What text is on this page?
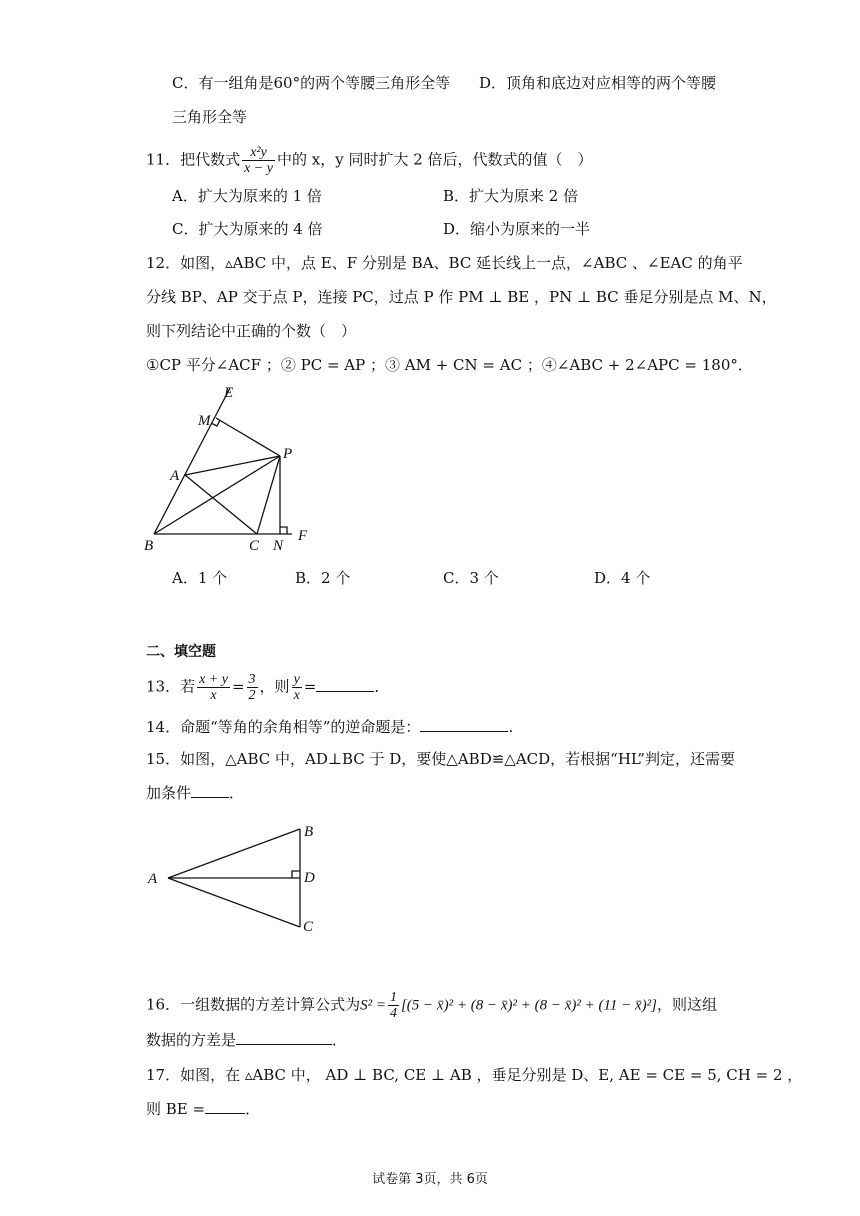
C．有一组角是60°的两个等腰三角形全等 D．顶角和底边对应相等的两个等腰
三角形全等
11．把代数式 $\frac{\text{x²y}}{x - y}$ 中的 x，y 同时扩大 2 倍后，代数式的值（　）
A．扩大为原来的 1 倍	B．扩大为原来 2 倍
C．扩大为原来的 4 倍	D．缩小为原来的一半
12．如图，▵ABC 中，点 E、F 分别是 BA、BC 延长线上一点，∠ABC 、∠EAC 的角平
分线 BP、AP 交于点 P，连接 PC，过点 P 作 PM ⊥ BE ，PN ⊥ BC 垂足分别是点 M、N，
则下列结论中正确的个数（　）
①CP 平分∠ACF ；② PC = AP ；③ AM + CN = AC ；④∠ABC + 2∠APC = 180°．
E
M
P
A
B	C N
F
A．1 个	B．2 个	C．3 个	D．4 个
二、填空题
13．若 $\frac{x + y}{x} = \frac{3}{2}$ ，则 $\frac{y}{x}$ =	．
14．命题“等角的余角相等”的逆命题是：	.
15．如图，△ABC 中，AD⊥BC 于 D，要使△ABD≌△ACD，若根据“HL”判定，还需要
加条件	．
A
B
D
C
16．一组数据的方差计算公式为$S^2 = \frac{1}{4} [(5$ − x̄)² + (8 − x̄)² + (8 − x̄)² + (11 − x̄)²]，则这组
数据的方差是	．
17．如图，在 ▵ABC 中， AD ⊥ BC, CE ⊥ AB ，垂足分别是 D、E, AE = CE = 5, CH = 2 ，
则 BE =	．
试卷第 3页，共 6页
